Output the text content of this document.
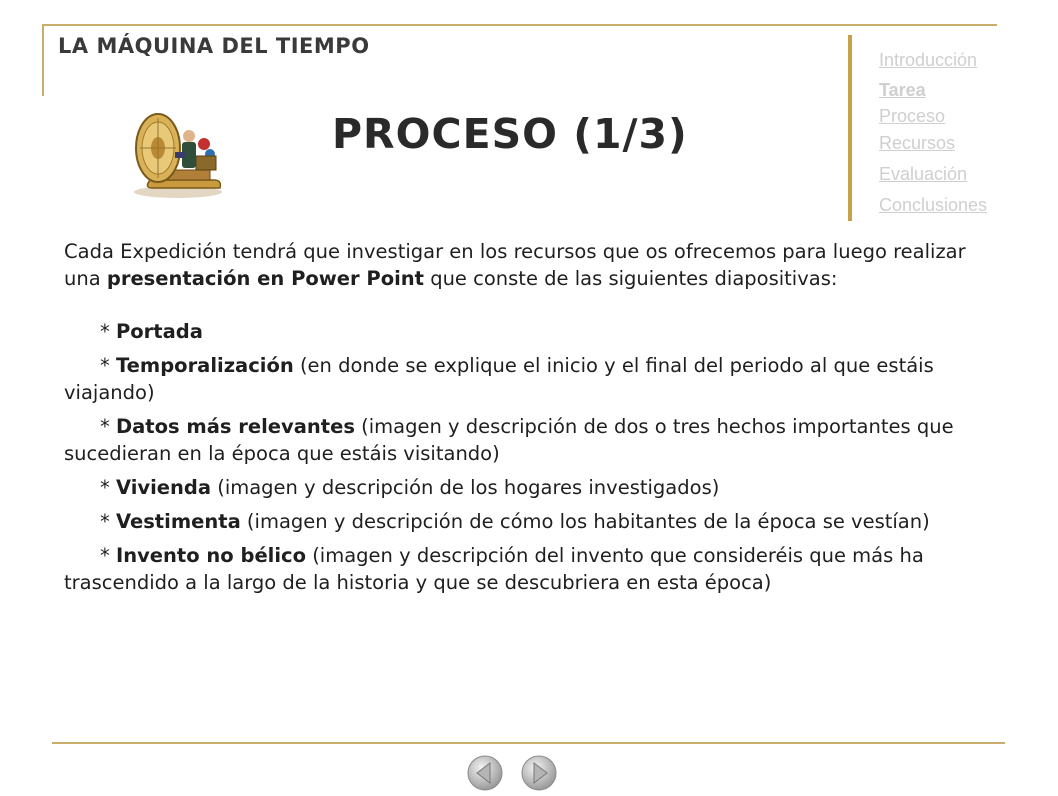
LA MÁQUINA DEL TIEMPO
Introducción
Tarea
Proceso
Recursos
Evaluación
Conclusiones
PROCESO (1/3)

Cada Expedición tendrá que investigar en los recursos que os ofrecemos para luego realizar una presentación en Power Point que conste de las siguientes diapositivas:

* Portada

* Temporalización (en donde se explique el inicio y el final del periodo al que estáis viajando)

* Datos más relevantes (imagen y descripción de dos o tres hechos importantes que sucedieran en la época que estáis visitando)

* Vivienda (imagen y descripción de los hogares investigados)

* Vestimenta (imagen y descripción de cómo los habitantes de la época se vestían)

* Invento no bélico (imagen y descripción del invento que consideréis que más ha trascendido a la largo de la historia y que se descubriera en esta época)
